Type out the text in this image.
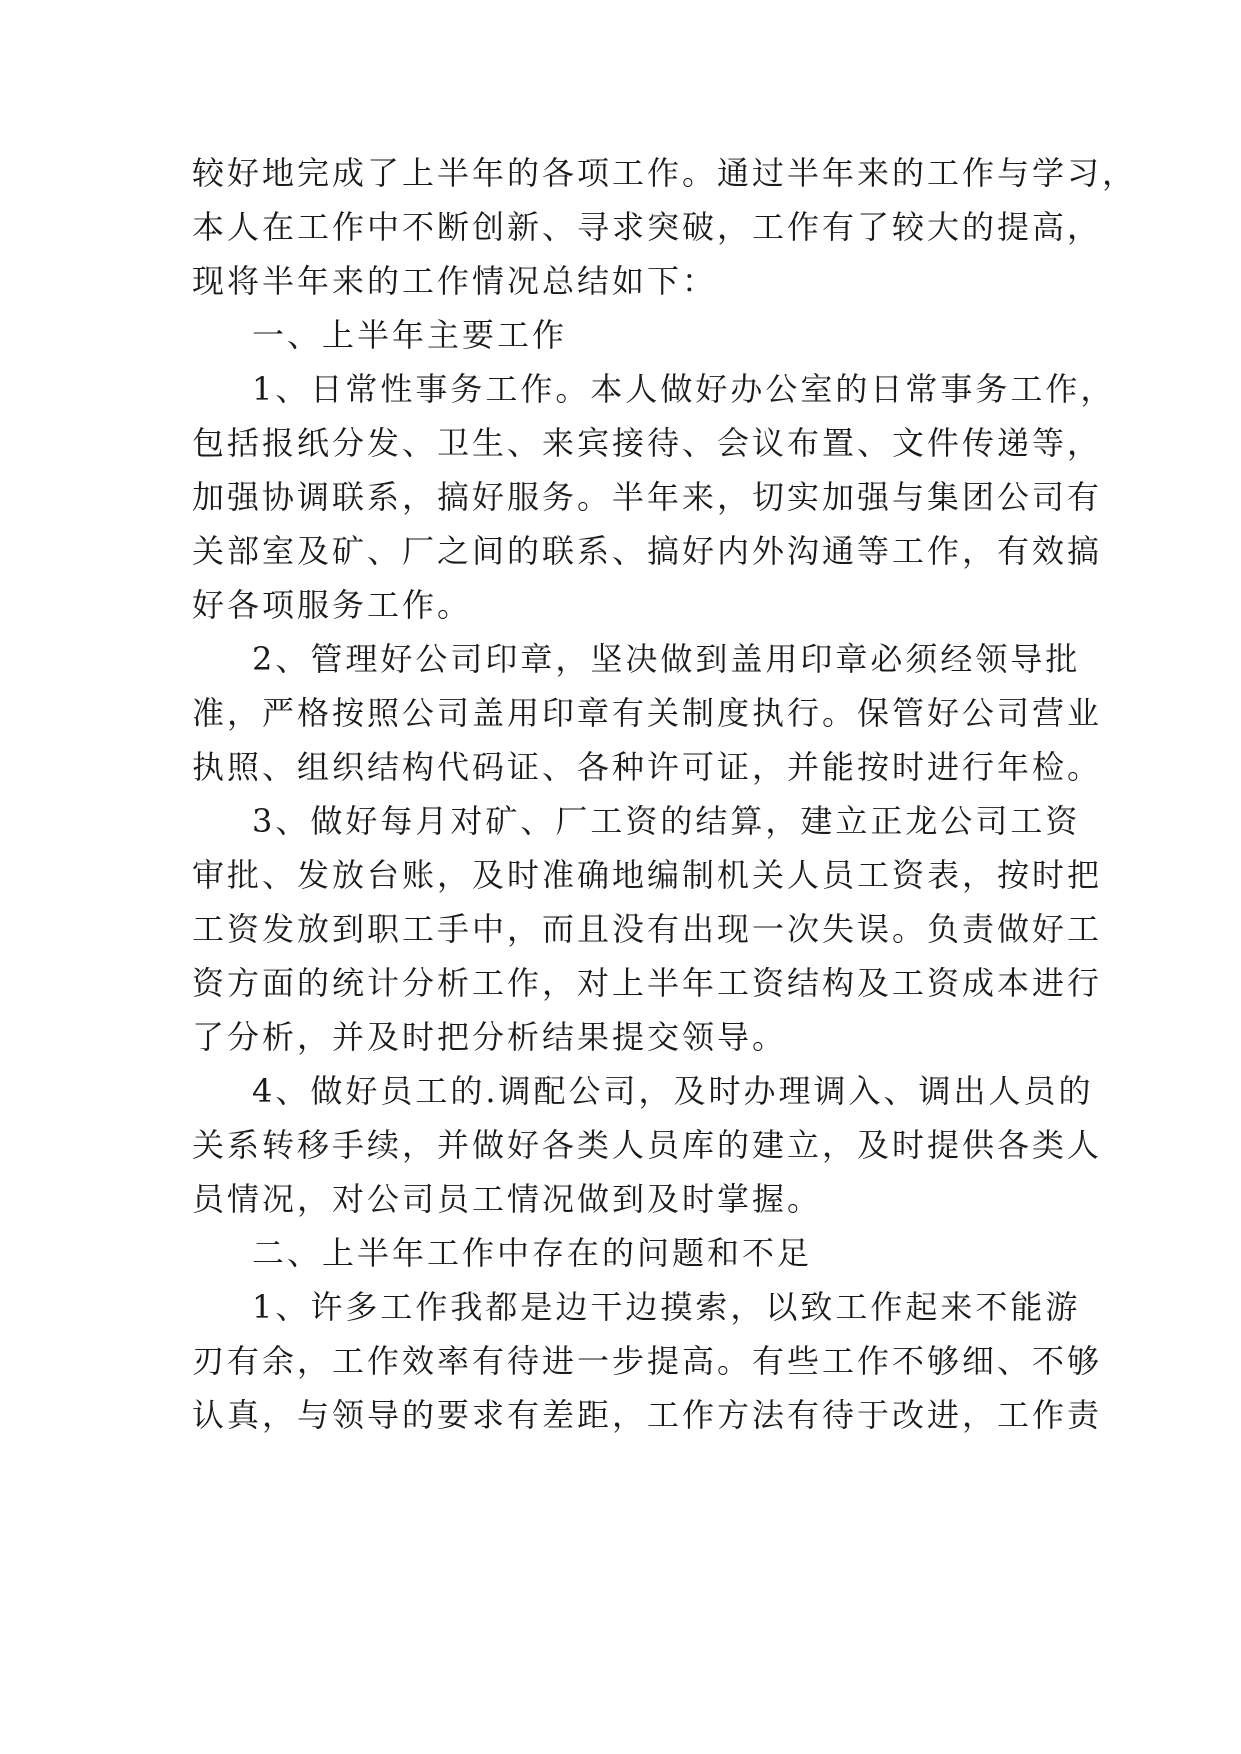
较好地完成了上半年的各项工作。通过半年来的工作与学习，
本人在工作中不断创新、寻求突破，工作有了较大的提高，
现将半年来的工作情况总结如下：
一、上半年主要工作
1、日常性事务工作。本人做好办公室的日常事务工作，
包括报纸分发、卫生、来宾接待、会议布置、文件传递等，
加强协调联系，搞好服务。半年来，切实加强与集团公司有
关部室及矿、厂之间的联系、搞好内外沟通等工作，有效搞
好各项服务工作。
2、管理好公司印章，坚决做到盖用印章必须经领导批
准，严格按照公司盖用印章有关制度执行。保管好公司营业
执照、组织结构代码证、各种许可证，并能按时进行年检。
3、做好每月对矿、厂工资的结算，建立正龙公司工资
审批、发放台账，及时准确地编制机关人员工资表，按时把
工资发放到职工手中，而且没有出现一次失误。负责做好工
资方面的统计分析工作，对上半年工资结构及工资成本进行
了分析，并及时把分析结果提交领导。
4、做好员工的.调配公司，及时办理调入、调出人员的
关系转移手续，并做好各类人员库的建立，及时提供各类人
员情况，对公司员工情况做到及时掌握。
二、上半年工作中存在的问题和不足
1、许多工作我都是边干边摸索，以致工作起来不能游
刃有余，工作效率有待进一步提高。有些工作不够细、不够
认真，与领导的要求有差距，工作方法有待于改进，工作责
